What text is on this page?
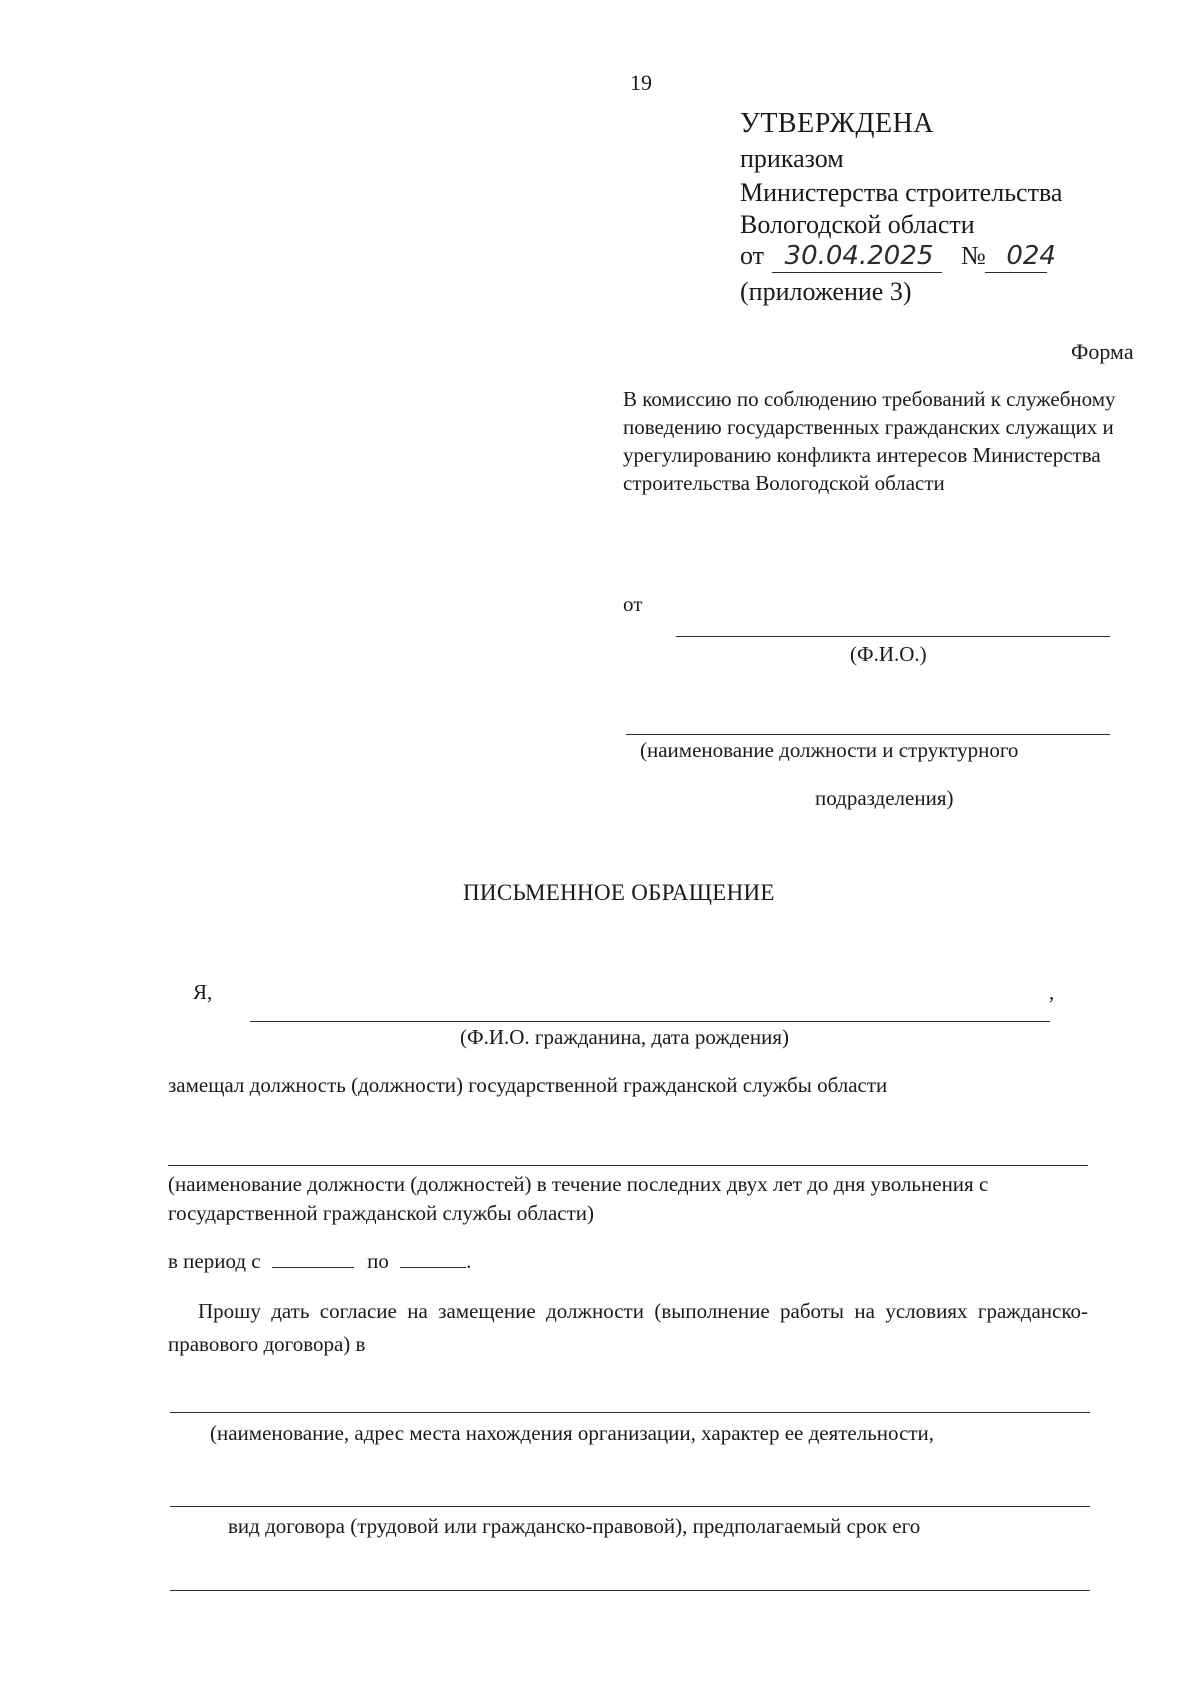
19
УТВЕРЖДЕНА
приказом
Министерства строительства
Вологодской области
от 30.04.2025 № 024
(приложение 3)
Форма
В комиссию по соблюдению требований к служебному поведению государственных гражданских служащих и урегулированию конфликта интересов Министерства строительства Вологодской области
от
(Ф.И.О.)
(наименование должности и структурного
подразделения)
ПИСЬМЕННОЕ ОБРАЩЕНИЕ
Я,	,
(Ф.И.О. гражданина, дата рождения)
замещал должность (должности) государственной гражданской службы области
(наименование должности (должностей) в течение последних двух лет до дня увольнения с государственной гражданской службы области)
в период с	по	.
Прошу дать согласие на замещение должности (выполнение работы на условиях гражданско-правового договора) в
(наименование, адрес места нахождения организации, характер ее деятельности,
вид договора (трудовой или гражданско-правовой), предполагаемый срок его
